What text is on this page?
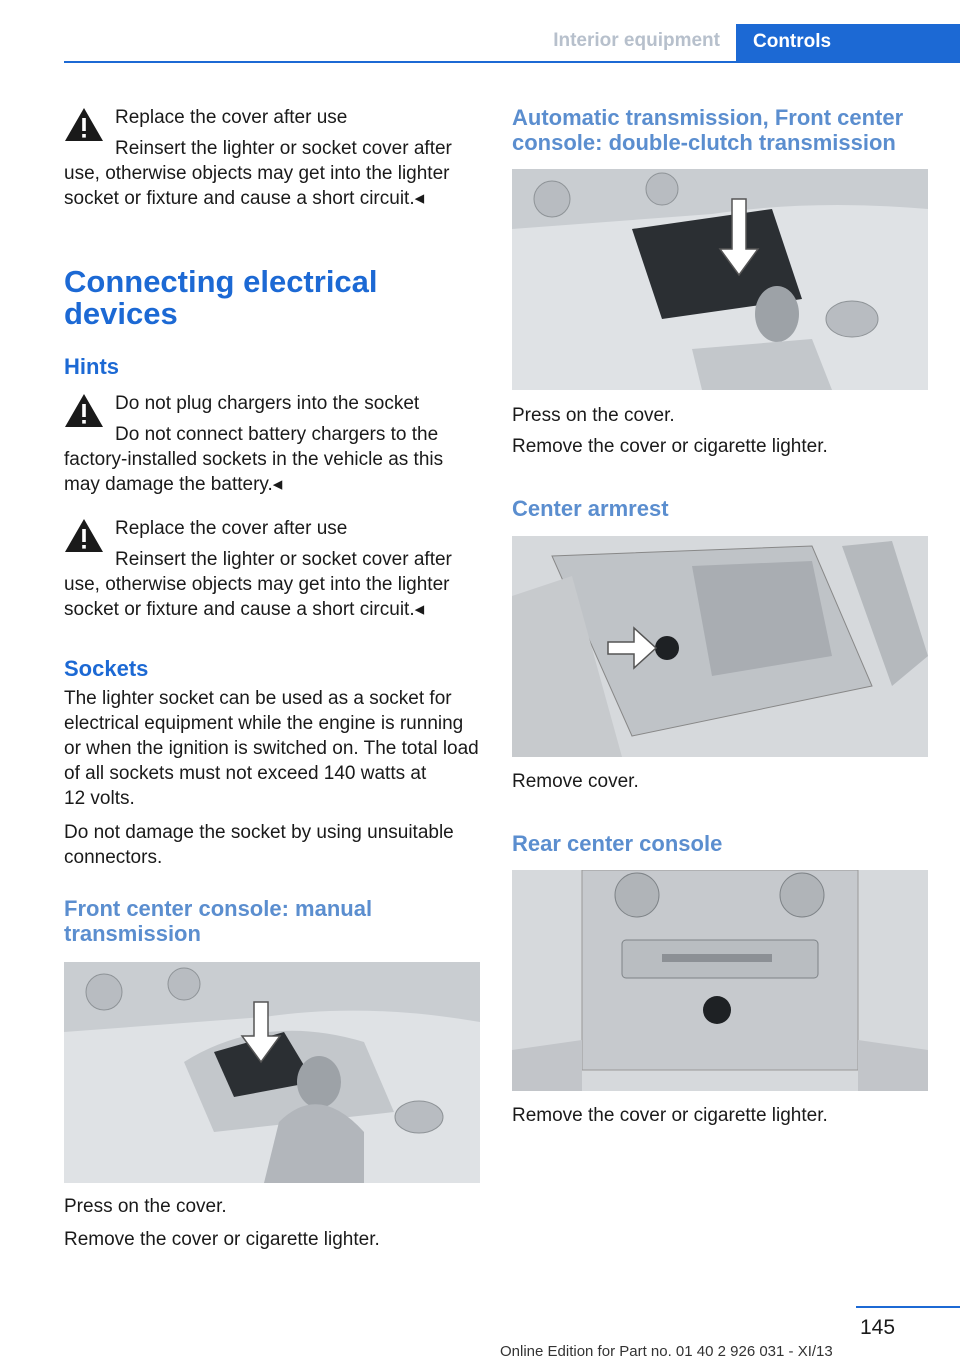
Interior equipment	Controls
Replace the cover after use

Reinsert the lighter or socket cover after use, otherwise objects may get into the lighter socket or fixture and cause a short circuit.◂

Connecting electrical devices
Hints
Do not plug chargers into the socket

Do not connect battery chargers to the factory-installed sockets in the vehicle as this may damage the battery.◂

Replace the cover after use

Reinsert the lighter or socket cover after use, otherwise objects may get into the lighter socket or fixture and cause a short circuit.◂

Sockets

The lighter socket can be used as a socket for electrical equipment while the engine is running or when the ignition is switched on. The total load of all sockets must not exceed 140 watts at 12 volts.

Do not damage the socket by using unsuitable connectors.

Front center console: manual transmission

Press on the cover.

Remove the cover or cigarette lighter.

Automatic transmission, Front center console: double-clutch transmission

Press on the cover.

Remove the cover or cigarette lighter.

Center armrest

Remove cover.

Rear center console

Remove the cover or cigarette lighter.

145
Online Edition for Part no. 01 40 2 926 031 - XI/13
